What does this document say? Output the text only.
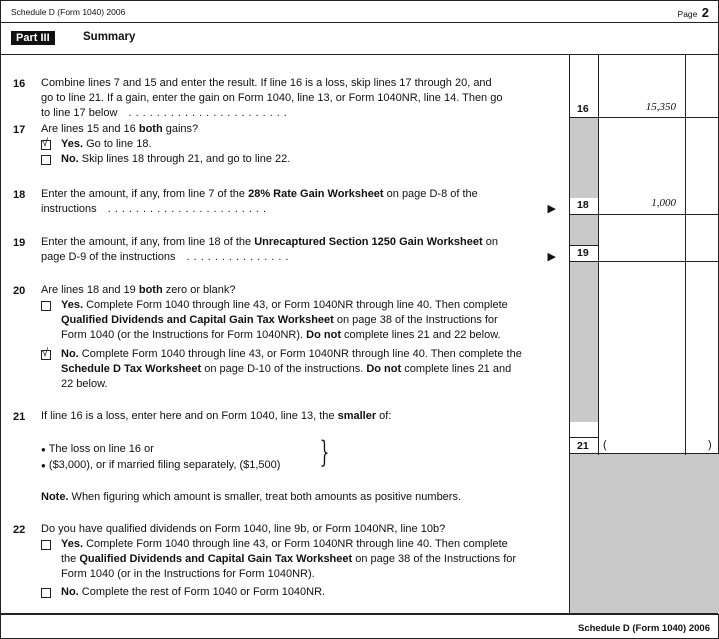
Schedule D (Form 1040) 2006	Page 2
Part III	Summary
16 Combine lines 7 and 15 and enter the result. If line 16 is a loss, skip lines 17 through 20, and
go to line 21. If a gain, enter the gain on Form 1040, line 13, or Form 1040NR, line 14. Then go
to line 17 below .......................	16	15,350
17 Are lines 15 and 16 both gains?
√ Yes. Go to line 18.
No. Skip lines 18 through 21, and go to line 22.
18 Enter the amount, if any, from line 7 of the 28% Rate Gain Worksheet on page D-8 of the
instructions .......................	▶ 18	1,000
19 Enter the amount, if any, from line 18 of the Unrecaptured Section 1250 Gain Worksheet on
page D-9 of the instructions ...............	▶ 19
20 Are lines 18 and 19 both zero or blank?
Yes. Complete Form 1040 through line 43, or Form 1040NR through line 40. Then complete
Qualified Dividends and Capital Gain Tax Worksheet on page 38 of the Instructions for
Form 1040 (or the Instructions for Form 1040NR). Do not complete lines 21 and 22 below.
√ No. Complete Form 1040 through line 43, or Form 1040NR through line 40. Then complete the
Schedule D Tax Worksheet on page D-10 of the instructions. Do not complete lines 21 and
22 below.
21 If line 16 is a loss, enter here and on Form 1040, line 13, the smaller of:
● The loss on line 16 or
● ($3,000), or if married filing separately, ($1,500) }	21 (	)
Note. When figuring which amount is smaller, treat both amounts as positive numbers.
22 Do you have qualified dividends on Form 1040, line 9b, or Form 1040NR, line 10b?
Yes. Complete Form 1040 through line 43, or Form 1040NR through line 40. Then complete
the Qualified Dividends and Capital Gain Tax Worksheet on page 38 of the Instructions for
Form 1040 (or in the Instructions for Form 1040NR).
No. Complete the rest of Form 1040 or Form 1040NR.
Schedule D (Form 1040) 2006
